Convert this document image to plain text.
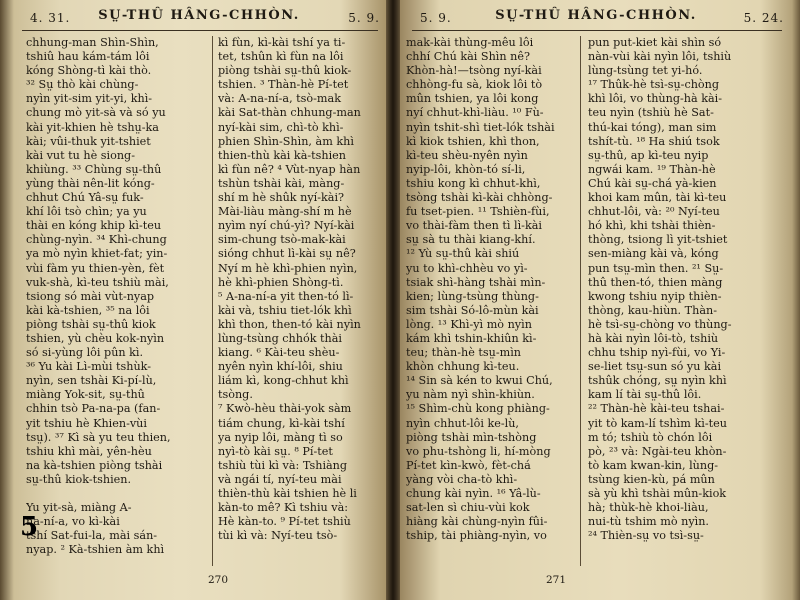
4. 31.	SṲ-THÛ HÂNG-CHHÒN.	5. 9.
chhung-man Shìn-Shìn,
tshiû hau kám-tám lôi
kóng Shòng-tì kài thò.
³² Sṳ thò kài chùng-
nyìn yit-sim yit-yi, khì-
chung mò yit-sà và só yu
kài yit-khien hè tshṳ-ka
kài; vûi-thuk yit-tshiet
kài vut tu hè siong-
khiùng. ³³ Chùng sṳ-thû
yùng thài nên-lit kóng-
chhut Chú Yâ-sṳ fuk-
khí lôi tsò chìn; ya yu
thài en kóng khip kì-teu
chùng-nyìn. ³⁴ Khì-chung
ya mò nyìn khiet-fat; yin-
vùi fàm yu thien-yèn, fèt
vuk-shà, kì-teu tshiù mài,
tsiong só mài vùt-nyap
kài kà-tshien, ³⁵ na lôi
piòng tshài sṳ-thû kiok
tshien, yù chèu kok-nyìn
só si-yùng lôi pûn kì.
³⁶ Yu kài Lì-mùi tshùk-
nyìn, sen tshài Ki-pí-lù,
miàng Yok-sit, sṳ-thû
chhin tsò Pa-na-pa (fan-
yit tshiu hè Khien-vùi
tsṳ). ³⁷ Kì sà yu teu thien,
tshiu khì mài, yên-hèu
na kà-tshien piòng tshài
sṳ-thû kiok-tshien.

Yu yit-sà, miàng A-
na-ní-a, vo kì-kài
tshí Sat-fui-la, mài sán-
nyap. ² Kà-tshien àm khì
kì fùn, kì-kài tshí ya ti-
tet, tshûn kì fùn na lôi
piòng tshài sṳ-thû kiok-
tshien. ³ Thàn-hè Pí-tet
và: A-na-ní-a, tsò-mak
kài Sat-thàn chhung-man
nyí-kài sim, chì-tò khì-
phien Shìn-Shìn, àm khì
thien-thù kài kà-tshien
kì fùn nê? ⁴ Vùt-nyap hàn
tshùn tshài kài, màng-
shí m hè shûk nyí-kài?
Mài-liàu màng-shí m hè
nyìm nyí chú-yì? Nyí-kài
sim-chung tsò-mak-kài
sióng chhut lì-kài sṳ nê?
Nyí m hè khì-phien nyìn,
hè khì-phien Shòng-tì.
⁵ A-na-ní-a yit then-tó lì-
kài và, tshiu tiet-lók khì
khì thon, then-tó kài nyìn
lùng-tsùng chhók thài
kiang. ⁶ Kài-teu shèu-
nyên nyìn khí-lôi, shiu
liám kì, kong-chhut khì
tsòng.
⁷ Kwò-hèu thài-yok sàm
tiám chung, kì-kài tshí
ya nyip lôi, màng tì so
nyì-tò kài sṳ. ⁸ Pí-tet
tshiù tùi kì và: Tshiàng
và ngái tí, nyí-teu mài
thièn-thù kài tshien hè li
kàn-to mê? Kì tshiu và:
Hè kàn-to. ⁹ Pí-tet tshiù
tùi kì và: Nyí-teu tsò-
270
5. 9.	SṲ-THÛ HÂNG-CHHÒN.	5. 24.
mak-kài thùng-mêu lôi
chhí Chú kài Shìn nê?
Khòn-hà!—tsòng nyí-kài
chhòng-fu sà, kiok lôi tò
mûn tshien, ya lôi kong
nyí chhut-khì-liàu. ¹⁰ Fù-
nyìn tshit-shì tiet-lók tshài
kì kiok tshien, khì thon,
kì-teu shèu-nyên nyìn
nyip-lôi, khòn-tó sí-li,
tshiu kong kì chhut-khì,
tsòng tshài kì-kài chhòng-
fu tset-pien. ¹¹ Tshièn-fùi,
vo thài-fàm then tì lì-kài
sṳ sà tu thài kiang-khí.
¹² Yù sṳ-thû kài shiú
yu to khì-chhèu vo yì-
tsiak shì-hàng tshài mìn-
kien; lùng-tsùng thùng-
sim tshài Só-lô-mùn kài
lòng. ¹³ Khì-yì mò nyìn
kám khì tshin-khiûn kì-
teu; thàn-hè tsṳ-mìn
khòn chhung kì-teu.
¹⁴ Sin sà kén to kwui Chú,
yu nàm nyì shìn-khiùn.
¹⁵ Shìm-chù kong phiàng-
nyìn chhut-lôi ke-lù,
piòng tshài mìn-tshòng
vo phu-tshòng li, hí-mòng
Pí-tet kìn-kwò, fèt-chá
yàng vòi cha-tò khì-
chung kài nyìn. ¹⁶ Yâ-lù-
sat-len sì chiu-vùi kok
hiàng kài chùng-nyìn fûi-
tship, tài phiàng-nyìn, vo
pun put-kiet kài shìn só
nàn-vùi kài nyìn lôi, tshiù
lùng-tsùng tet yi-hó.
¹⁷ Thûk-hè tsì-sṳ-chòng
khì lôi, vo thùng-hà kài-
teu nyìn (tshiù hè Sat-
thú-kai tóng), man sim
tshít-tù. ¹⁸ Ha shiú tsok
sṳ-thû, ap kì-teu nyip
ngwái kam. ¹⁹ Thàn-hè
Chú kài sṳ-chá yà-kien
khoi kam mûn, tài kì-teu
chhut-lôi, và: ²⁰ Nyí-teu
hó khì, khi tshài thièn-
thòng, tsiong lì yit-tshiet
sen-miàng kài và, kóng
pun tsṳ-mìn then. ²¹ Sṳ-
thû then-tó, thien màng
kwong tshiu nyip thièn-
thòng, kau-hiùn. Thàn-
hè tsì-sṳ-chòng vo thùng-
hà kài nyìn lôi-tò, tshiù
chhu tship nyì-fùi, vo Yi-
se-liet tsṳ-sun só yu kài
tshûk chóng, sṳ nyìn khì
kam lí tài sṳ-thû lôi.
²² Thàn-hè kài-teu tshai-
yit tò kam-lí tshìm kì-teu
m tó; tshiù tò chón lôi
pò, ²³ và: Ngài-teu khòn-
tò kam kwan-kin, lùng-
tsùng kien-kù, pá mûn
sà yù khì tshài mûn-kiok
hà; thùk-hè khoi-liàu,
nui-tù tshim mò nyìn.
²⁴ Thièn-sṳ vo tsì-sṳ-
271
5
